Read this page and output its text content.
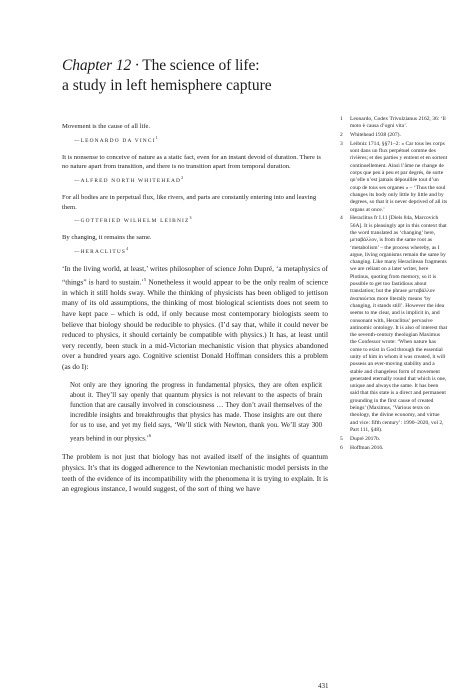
Chapter 12 · The science of life:
a study in left hemisphere capture

Movement is the cause of all life.

—LEONARDO DA VINCI$^1$

It is nonsense to conceive of nature as a static fact, even for an instant devoid of duration. There is no nature apart from transition, and there is no transition apart from temporal duration.

—ALFRED NORTH WHITEHEAD$^2$

For all bodies are in perpetual flux, like rivers, and parts are constantly entering into and leaving them.

—GOTTFRIED WILHELM LEIBNIZ$^3$

By changing, it remains the same.

—HERACLITUS$^4$

‘In the living world, at least,’ writes philosopher of science John Dupré, ‘a metaphysics of “things” is hard to sustain.’$^5$ Nonetheless it would appear to be the only realm of science in which it still holds sway. While the thinking of physicists has been obliged to jettison many of its old assumptions, the thinking of most biological scientists does not seem to have kept pace – which is odd, if only because most contemporary biologists seem to believe that biology should be reducible to physics. (I’d say that, while it could never be reduced to physics, it should certainly be compatible with physics.) It has, at least until very recently, been stuck in a mid-Victorian mechanistic vision that physics abandoned over a hundred years ago. Cognitive scientist Donald Hoffman considers this a problem (as do I):

Not only are they ignoring the progress in fundamental physics, they are often explicit about it. They’ll say openly that quantum physics is not relevant to the aspects of brain function that are causally involved in consciousness … They don’t avail themselves of the incredible insights and breakthroughs that physics has made. Those insights are out there for us to use, and yet my field says, ‘We’ll stick with Newton, thank you. We’ll stay 300 years behind in our physics.’$^6$

The problem is not just that biology has not availed itself of the insights of quantum physics. It’s that its dogged adherence to the Newtonian mechanistic model persists in the teeth of the evidence of its incompatibility with the phenomena it is trying to explain. It is an egregious instance, I would suggest, of the sort of thing we have

1 Leonardo, Codex Trivulzianus 2162, 36: ‘Il moto è causa d’ogni vita’.
2 Whitehead 1938 (207).
3 Leibniz 1714, §§71–2: « Car tous les corps sont dans un flux perpétuel comme des rivières; et des parties y entrent et en sortent continuellement. Ainsi l’âme ne change de corps que peu à peu et par degrés, de sorte qu’elle n’est jamais dépouillée tout d’un coup de tous ses organes » – ‘Thus the soul changes its body only little by little and by degrees, so that it is never deprived of all its organs at once.’
4 Heraclitus fr I.11 [Diels 84a, Marcovich 56A]. It is pleasingly apt in this context that the word translated as ‘changing’ here, μεταβάλλον, is from the same root as ‘metabolism’ – the process whereby, as I argue, living organisms remain the same by changing. Like many Heraclitean fragments we are reliant on a later writer, here Plotinus, quoting from memory, so it is possible to get too fastidious about translation; but the phrase μεταβάλλον ἀναπαύεται more literally means ‘by changing, it stands still’. However the idea seems to me clear, and is implicit in, and consonant with, Heraclitus’ pervasive antinomic ontology. It is also of interest that the seventh-century theologian Maximus the Confessor wrote: ‘When nature has come to exist in God through the essential unity of him in whom it was created, it will possess an ever-moving stability and a stable and changeless form of movement generated eternally round that which is one, unique and always the same. It has been said that this state is a direct and permanent grounding in the first cause of created beings’ (Maximus, ‘Various texts on theology, the divine economy, and virtue and vice: fifth century’: 1990–2020, vol 2, Part 111, §48).
5 Dupré 2017b.
6 Hoffman 2016.
431
